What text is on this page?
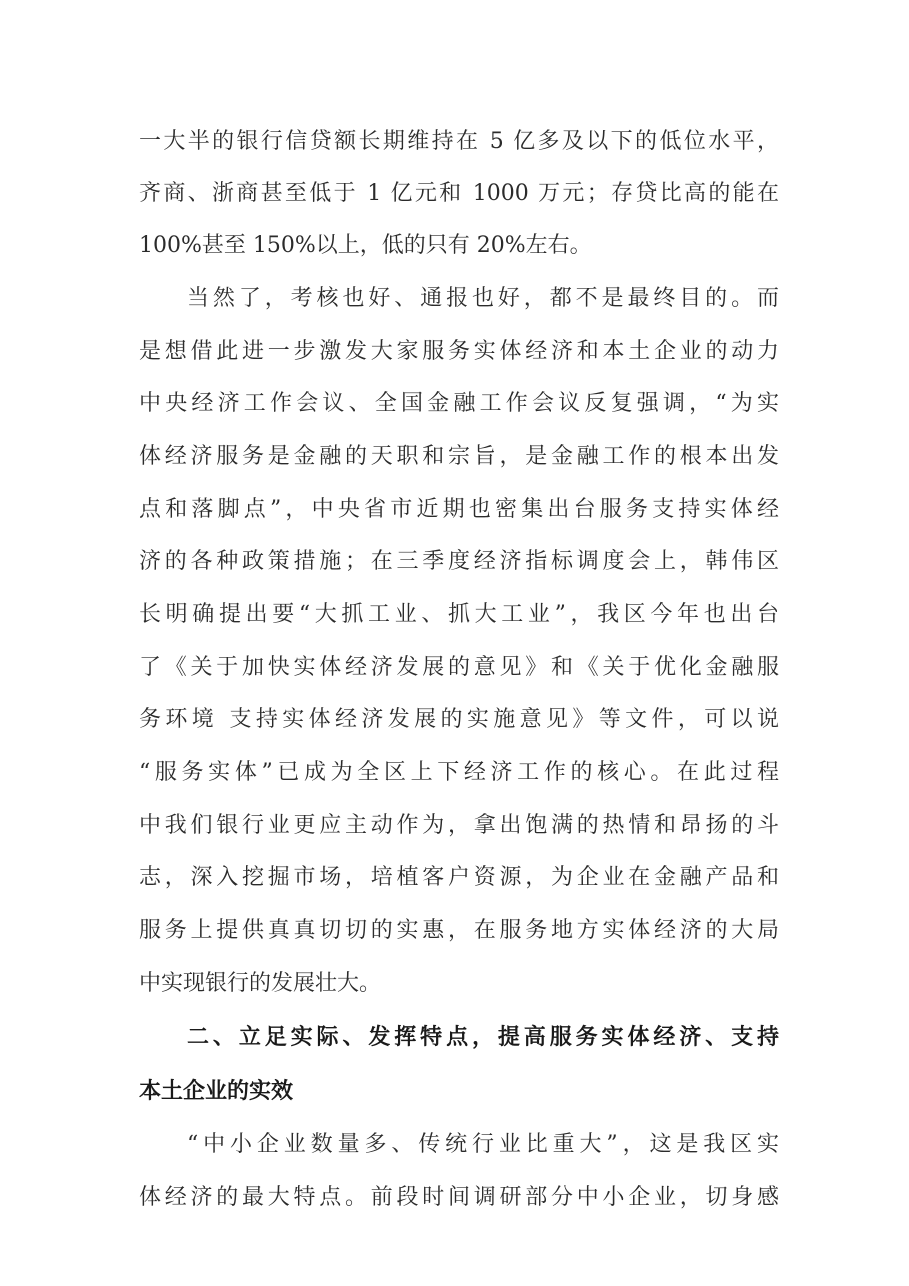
一大半的银行信贷额长期维持在 5 亿多及以下的低位水平，
齐商、浙商甚至低于 1 亿元和 1000 万元；存贷比高的能在
100%甚至 150%以上，低的只有 20%左右。
当然了，考核也好、通报也好，都不是最终目的。而
是想借此进一步激发大家服务实体经济和本土企业的动力
中央经济工作会议、全国金融工作会议反复强调，“为实
体经济服务是金融的天职和宗旨，是金融工作的根本出发
点和落脚点”，中央省市近期也密集出台服务支持实体经
济的各种政策措施；在三季度经济指标调度会上，韩伟区
长明确提出要“大抓工业、抓大工业”，我区今年也出台
了《关于加快实体经济发展的意见》和《关于优化金融服
务环境 支持实体经济发展的实施意见》等文件，可以说
“服务实体”已成为全区上下经济工作的核心。在此过程
中我们银行业更应主动作为，拿出饱满的热情和昂扬的斗
志，深入挖掘市场，培植客户资源，为企业在金融产品和
服务上提供真真切切的实惠，在服务地方实体经济的大局
中实现银行的发展壮大。
二、立足实际、发挥特点，提高服务实体经济、支持
本土企业的实效
“中小企业数量多、传统行业比重大”，这是我区实
体经济的最大特点。前段时间调研部分中小企业，切身感
